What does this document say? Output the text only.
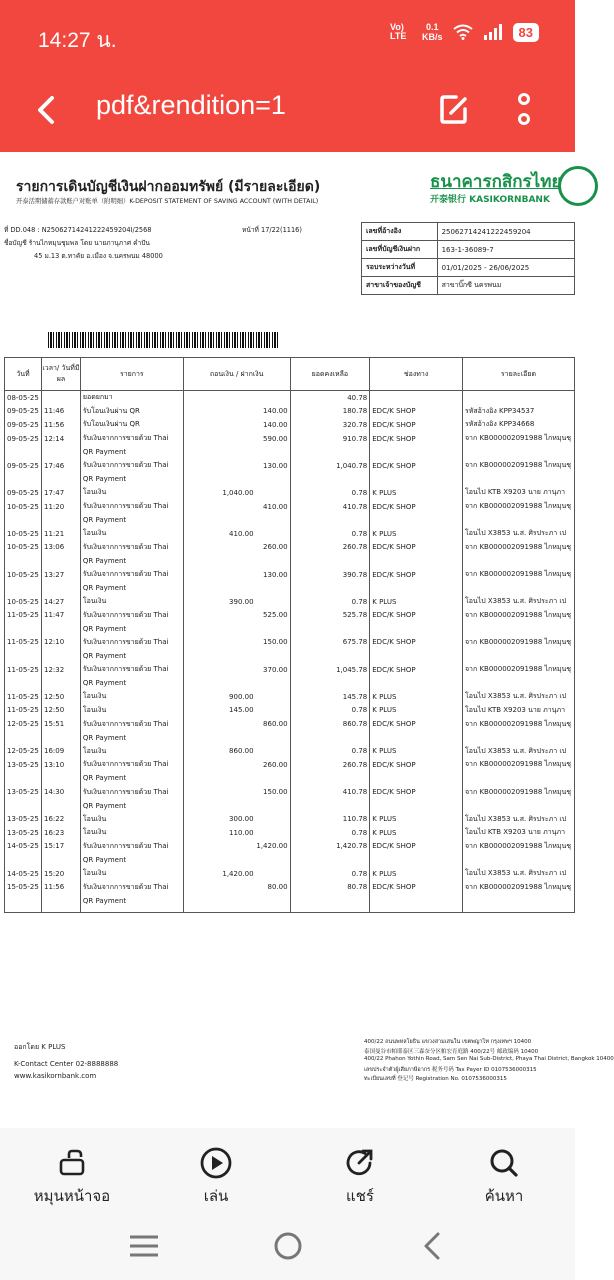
14:27 น.
Vo) LTE
0.1
KB/s	83
pdf&rendition=1
รายการเดินบัญชีเงินฝากออมทรัพย์ (มีรายละเอียด)
开泰活期储蓄存款账户对账单（附明细）K-DEPOSIT STATEMENT OF SAVING ACCOUNT (WITH DETAIL)
ธนาคารกสิกรไทย
开泰银行 KASIKORNBANK
ที่ DD.048 : N2506271424122245920​4I/2568	หน้าที่ 17/22(1116)
ชื่อบัญชี ร้านไกหมุนชุมพล โดย นายภานุภาศ คำปัน
45 ม.13 ต.ทาคัย อ.เมือง จ.นครพนม 48000
เลขที่อ้างอิง	25062714241222459204
เลขที่บัญชีเงินฝาก	163-1-36089-7
รอบระหว่างวันที่	01/01/2025 - 26/06/2025
สาขาเจ้าของบัญชี	สาขาบิ๊กซี นครพนม
วันที่	เวลา/ วันที่มีผล	รายการ	ถอนเงิน / ฝากเงิน	ยอดคงเหลือ	ช่องทาง	รายละเอียด
08-05-25		ยอดยกมา		40.78		
09-05-25	11:46	รับโอนเงินผ่าน QR	140.00	180.78	EDC/K SHOP	รหัสอ้างอิง KPP34537
09-05-25	11:56	รับโอนเงินผ่าน QR	140.00	320.78	EDC/K SHOP	รหัสอ้างอิง KPP34668
09-05-25	12:14	รับเงินจากการขายด้วย Thai	590.00	910.78	EDC/K SHOP	จาก KB000002091988 ไกหมุนชุ
		QR Payment				
09-05-25	17:46	รับเงินจากการขายด้วย Thai	130.00	1,040.78	EDC/K SHOP	จาก KB000002091988 ไกหมุนชุ
		QR Payment				
09-05-25	17:47	โอนเงิน	1,040.00	0.78	K PLUS	โอนไป KTB X9203 นาย ภานุภา
10-05-25	11:20	รับเงินจากการขายด้วย Thai	410.00	410.78	EDC/K SHOP	จาก KB000002091988 ไกหมุนชุ
		QR Payment				
10-05-25	11:21	โอนเงิน	410.00	0.78	K PLUS	โอนไป X3853 น.ส. ศิรประภา เป
10-05-25	13:06	รับเงินจากการขายด้วย Thai	260.00	260.78	EDC/K SHOP	จาก KB000002091988 ไกหมุนชุ
		QR Payment				
10-05-25	13:27	รับเงินจากการขายด้วย Thai	130.00	390.78	EDC/K SHOP	จาก KB000002091988 ไกหมุนชุ
		QR Payment				
10-05-25	14:27	โอนเงิน	390.00	0.78	K PLUS	โอนไป X3853 น.ส. ศิรประภา เป
11-05-25	11:47	รับเงินจากการขายด้วย Thai	525.00	525.78	EDC/K SHOP	จาก KB000002091988 ไกหมุนชุ
		QR Payment				
11-05-25	12:10	รับเงินจากการขายด้วย Thai	150.00	675.78	EDC/K SHOP	จาก KB000002091988 ไกหมุนชุ
		QR Payment				
11-05-25	12:32	รับเงินจากการขายด้วย Thai	370.00	1,045.78	EDC/K SHOP	จาก KB000002091988 ไกหมุนชุ
		QR Payment				
11-05-25	12:50	โอนเงิน	900.00	145.78	K PLUS	โอนไป X3853 น.ส. ศิรประภา เป
11-05-25	12:50	โอนเงิน	145.00	0.78	K PLUS	โอนไป KTB X9203 นาย ภานุภา
12-05-25	15:51	รับเงินจากการขายด้วย Thai	860.00	860.78	EDC/K SHOP	จาก KB000002091988 ไกหมุนชุ
		QR Payment				
12-05-25	16:09	โอนเงิน	860.00	0.78	K PLUS	โอนไป X3853 น.ส. ศิรประภา เป
13-05-25	13:10	รับเงินจากการขายด้วย Thai	260.00	260.78	EDC/K SHOP	จาก KB000002091988 ไกหมุนชุ
		QR Payment				
13-05-25	14:30	รับเงินจากการขายด้วย Thai	150.00	410.78	EDC/K SHOP	จาก KB000002091988 ไกหมุนชุ
		QR Payment				
13-05-25	16:22	โอนเงิน	300.00	110.78	K PLUS	โอนไป X3853 น.ส. ศิรประภา เป
13-05-25	16:23	โอนเงิน	110.00	0.78	K PLUS	โอนไป KTB X9203 นาย ภานุภา
14-05-25	15:17	รับเงินจากการขายด้วย Thai	1,420.00	1,420.78	EDC/K SHOP	จาก KB000002091988 ไกหมุนชุ
		QR Payment				
14-05-25	15:20	โอนเงิน	1,420.00	0.78	K PLUS	โอนไป X3853 น.ส. ศิรประภา เป
15-05-25	11:56	รับเงินจากการขายด้วย Thai	80.00	80.78	EDC/K SHOP	จาก KB000002091988 ไกหมุนชุ
		QR Payment				

ออกโดย K PLUS
K-Contact Center 02-8888888
www.kasikornbank.com
400/22 ถนนพหลโยธิน แขวงสามเสนใน เขตพญาไท กรุงเทพฯ 10400
泰国曼谷市帕耶泰区三森奈分区帕宏育庭路 400/22号 邮政编码 10400
400/22 Phahon Yothin Road, Sam Sen Nai Sub-District, Phaya Thai District, Bangkok 10400
เลขประจำตัวผู้เสียภาษีอากร 税务号码 Tax Payer ID 0107536000315
ทะเบียนเลขที่ 登记号 Registration No. 0107536000315
หมุนหน้าจอ	เล่น	แชร์	ค้นหา
